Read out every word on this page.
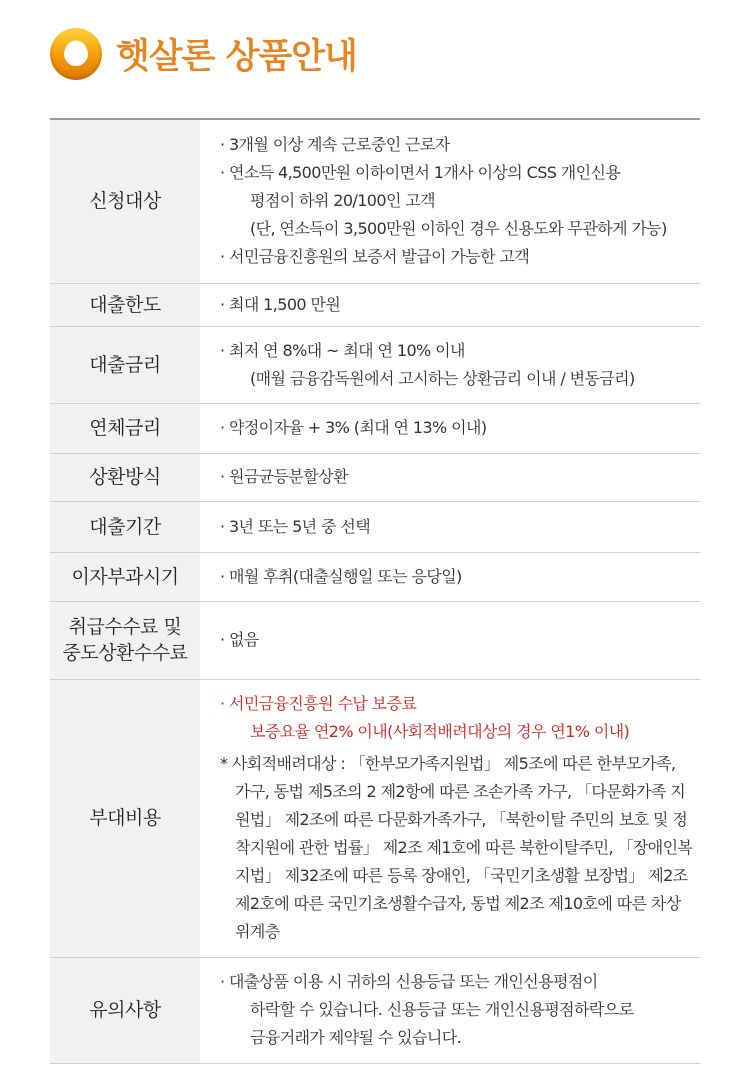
햇살론 상품안내
신청대상	· 3개월 이상 계속 근로중인 근로자
· 연소득 4,500만원 이하이면서 1개사 이상의 CSS 개인신용
평점이 하위 20/100인 고객
(단, 연소득이 3,500만원 이하인 경우 신용도와 무관하게 가능)
· 서민금융진흥원의 보증서 발급이 가능한 고객

대출한도	· 최대 1,500 만원

대출금리	· 최저 연 8%대 ~ 최대 연 10% 이내
(매월 금융감독원에서 고시하는 상환금리 이내 / 변동금리)

연체금리	· 약정이자율 + 3% (최대 연 13% 이내)

상환방식	· 원금균등분할상환

대출기간	· 3년 또는 5년 중 선택

이자부과시기	· 매월 후취(대출실행일 또는 응당일)

취급수수료 및
중도상환수수료	· 없음

부대비용	· 서민금융진흥원 수납 보증료
보증요율 연2% 이내(사회적배려대상의 경우 연1% 이내)
* 사회적배려대상 : 「한부모가족지원법」 제5조에 따른 한부모가족, 가구, 동법 제5조의 2 제2항에 따른 조손가족 가구, 「다문화가족 지원법」 제2조에 따른 다문화가족가구, 「북한이탈 주민의 보호 및 정착지원에 관한 법률」 제2조 제1호에 따른 북한이탈주민, 「장애인복지법」 제32조에 따른 등록 장애인, 「국민기초생활 보장법」 제2조 제2호에 따른 국민기초생활수급자, 동법 제2조 제10호에 따른 차상위계층

유의사항	· 대출상품 이용 시 귀하의 신용등급 또는 개인신용평점이
하락할 수 있습니다. 신용등급 또는 개인신용평점하락으로
금융거래가 제약될 수 있습니다.
